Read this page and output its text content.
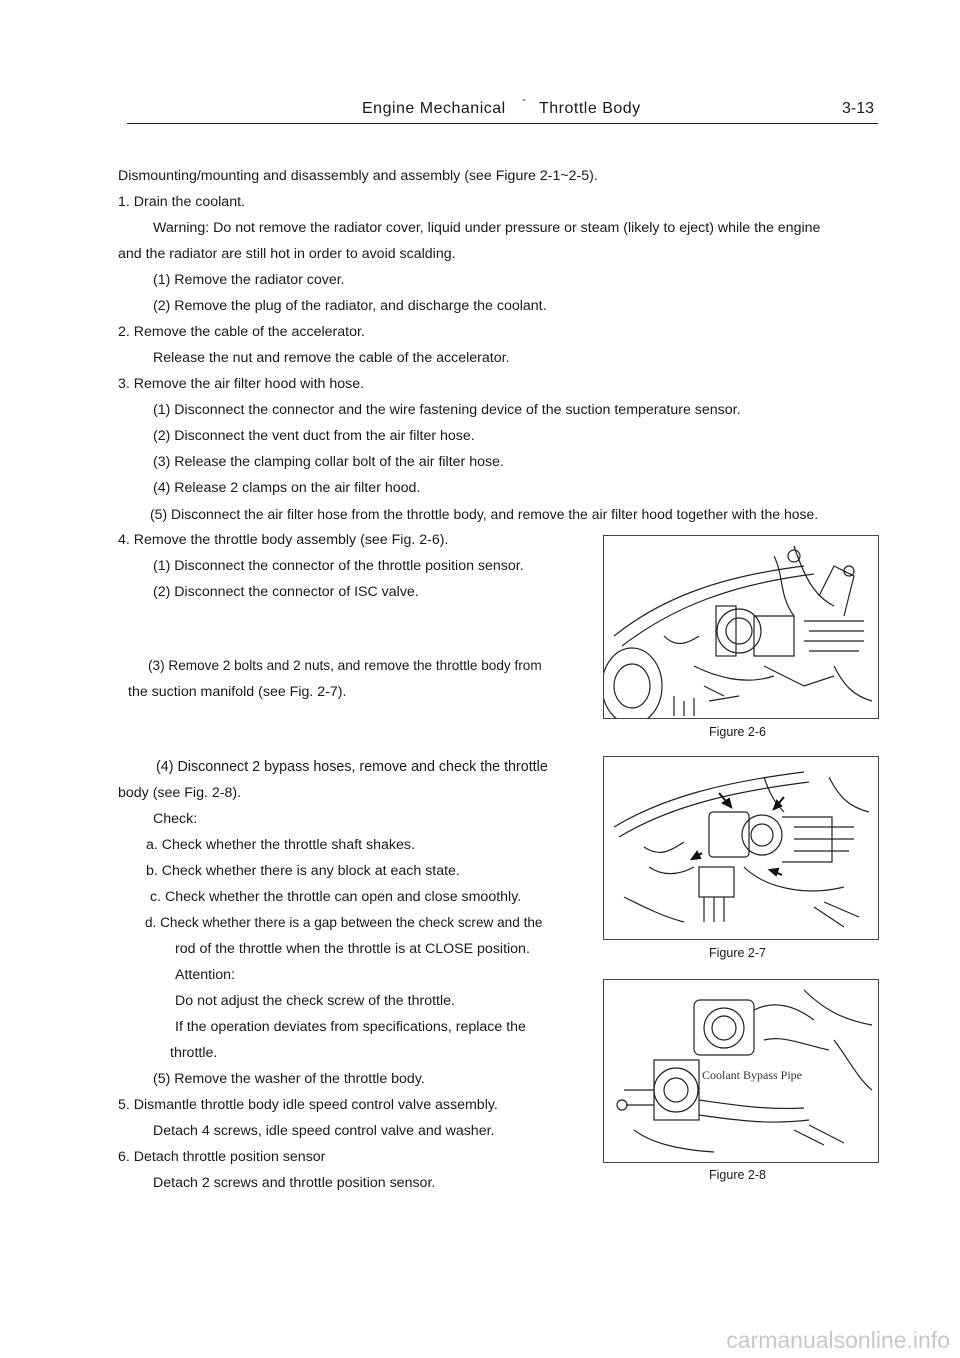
Engine Mechanical - Throttle Body	3-13
Dismounting/mounting and disassembly and assembly (see Figure 2-1~2-5).
1. Drain the coolant.
Warning: Do not remove the radiator cover, liquid under pressure or steam (likely to eject) while the engine
and the radiator are still hot in order to avoid scalding.
(1) Remove the radiator cover.
(2) Remove the plug of the radiator, and discharge the coolant.
2. Remove the cable of the accelerator.
Release the nut and remove the cable of the accelerator.
3. Remove the air filter hood with hose.
(1) Disconnect the connector and the wire fastening device of the suction temperature sensor.
(2) Disconnect the vent duct from the air filter hose.
(3) Release the clamping collar bolt of the air filter hose.
(4) Release 2 clamps on the air filter hood.
(5) Disconnect the air filter hose from the throttle body, and remove the air filter hood together with the hose.
4. Remove the throttle body assembly (see Fig. 2-6).
(1) Disconnect the connector of the throttle position sensor.
(2) Disconnect the connector of ISC valve.
(3) Remove 2 bolts and 2 nuts, and remove the throttle body from
the suction manifold (see Fig. 2-7).
(4) Disconnect 2 bypass hoses, remove and check the throttle
body (see Fig. 2-8).
Check:
a. Check whether the throttle shaft shakes.
b. Check whether there is any block at each state.
c. Check whether the throttle can open and close smoothly.
d. Check whether there is a gap between the check screw and the
rod of the throttle when the throttle is at CLOSE position.
Attention:
Do not adjust the check screw of the throttle.
If the operation deviates from specifications, replace the
throttle.
(5) Remove the washer of the throttle body.
5. Dismantle throttle body idle speed control valve assembly.
Detach 4 screws, idle speed control valve and washer.
6. Detach throttle position sensor
Detach 2 screws and throttle position sensor.
Figure 2-6
Figure 2-7
Coolant Bypass Pipe
Figure 2-8
carmanualsonline.info
